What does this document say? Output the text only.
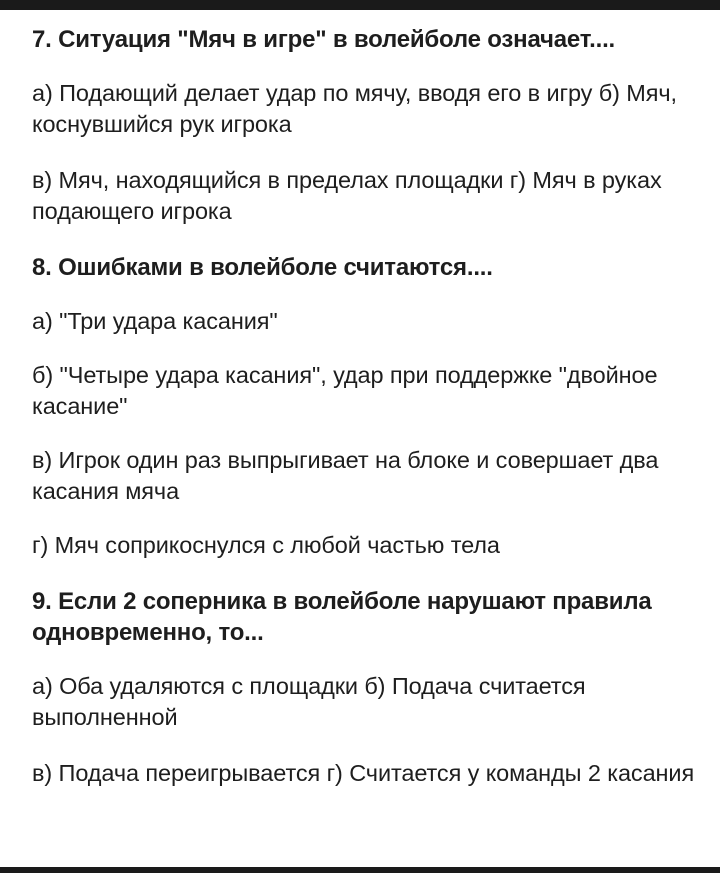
7. Ситуация "Мяч в игре" в волейболе означает....

а) Подающий делает удар по мячу, вводя его в игру б) Мяч, коснувшийся рук игрока

в) Мяч, находящийся в пределах площадки г) Мяч в руках подающего игрока

8. Ошибками в волейболе считаются....

а) "Три удара касания"

б) "Четыре удара касания", удар при поддержке "двойное касание"

в) Игрок один раз выпрыгивает на блоке и совершает два касания мяча

г) Мяч соприкоснулся с любой частью тела

9. Если 2 соперника в волейболе нарушают правила одновременно, то...

а) Оба удаляются с площадки б) Подача считается выполненной

в) Подача переигрывается г) Считается у команды 2 касания
